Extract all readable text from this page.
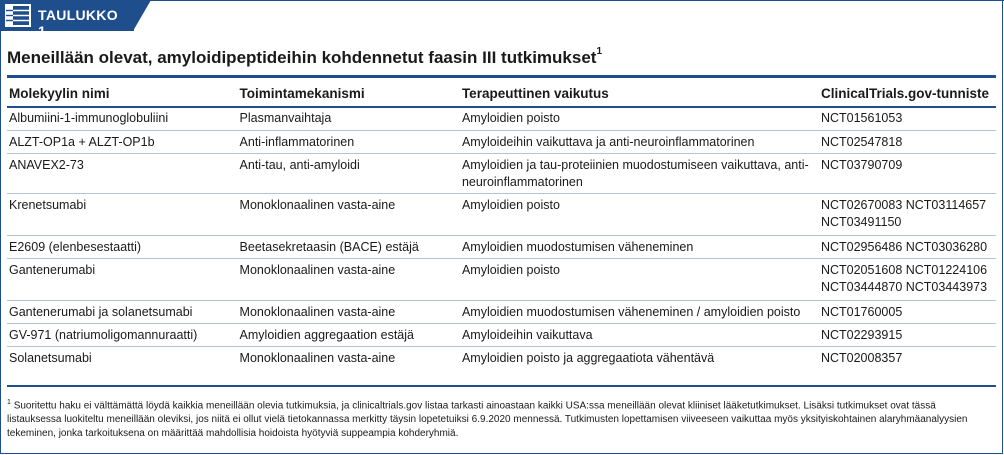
TAULUKKO 1.
Meneillään olevat, amyloidipeptideihin kohdennetut faasin III tutkimukset$^1$
Molekyylin nimi	Toimintamekanismi	Terapeuttinen vaikutus	ClinicalTrials.gov-tunniste
Albumiini-1-immunoglobuliini	Plasmanvaihtaja	Amyloidien poisto	NCT01561053
ALZT-OP1a + ALZT-OP1b	Anti-inflammatorinen	Amyloideihin vaikuttava ja anti-neuroinflammatorinen	NCT02547818
ANAVEX2-73	Anti-tau, anti-amyloidi	Amyloidien ja tau-proteiinien muodostumiseen vaikuttava, anti-neuroinflammatorinen	NCT03790709
Krenetsumabi	Monoklonaalinen vasta-aine	Amyloidien poisto	NCT02670083 NCT03114657 NCT03491150
E2609 (elenbesestaatti)	Beetasekretaasin (BACE) estäjä	Amyloidien muodostumisen väheneminen	NCT02956486 NCT03036280
Gantenerumabi	Monoklonaalinen vasta-aine	Amyloidien poisto	NCT02051608 NCT01224106 NCT03444870 NCT03443973
Gantenerumabi ja solanetsumabi	Monoklonaalinen vasta-aine	Amyloidien muodostumisen väheneminen / amyloidien poisto	NCT01760005
GV-971 (natriumoligomannuraatti)	Amyloidien aggregaation estäjä	Amyloideihin vaikuttava	NCT02293915
Solanetsumabi	Monoklonaalinen vasta-aine	Amyloidien poisto ja aggregaatiota vähentävä	NCT02008357
$^1$ Suoritettu haku ei välttämättä löydä kaikkia meneillään olevia tutkimuksia, ja clinicaltrials.gov listaa tarkasti ainoastaan kaikki USA:ssa meneillään olevat kliiniset lääketutkimukset. Lisäksi tutkimukset ovat tässä listauksessa luokiteltu meneillään oleviksi, jos niitä ei ollut vielä tietokannassa merkitty täysin lopetetuiksi 6.9.2020 mennessä. Tutkimusten lopettamisen viiveeseen vaikuttaa myös yksityiskohtainen alaryhmäanalyysien tekeminen, jonka tarkoituksena on määrittää mahdollisia hoidoista hyötyviä suppeampia kohderyhmiä.
